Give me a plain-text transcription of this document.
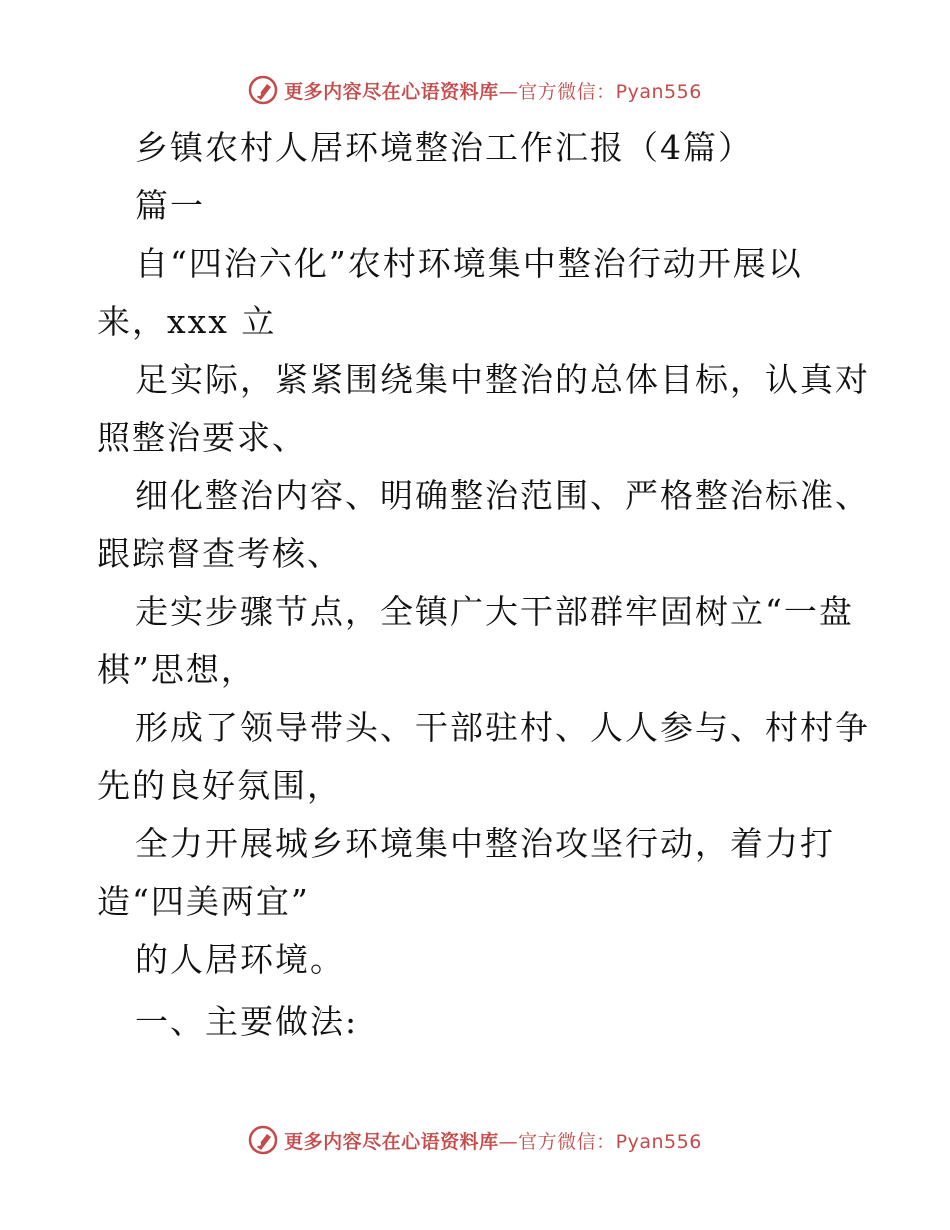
更多内容尽在心语资料库—官方微信：Pyan556
乡镇农村人居环境整治工作汇报（4篇）
篇一
自“四治六化”农村环境集中整治行动开展以
来，xxx 立
足实际，紧紧围绕集中整治的总体目标，认真对
照整治要求、
细化整治内容、明确整治范围、严格整治标准、
跟踪督查考核、
走实步骤节点，全镇广大干部群牢固树立“一盘
棋”思想，
形成了领导带头、干部驻村、人人参与、村村争
先的良好氛围，
全力开展城乡环境集中整治攻坚行动，着力打
造“四美两宜”
的人居环境。
一、主要做法:
更多内容尽在心语资料库—官方微信：Pyan556
